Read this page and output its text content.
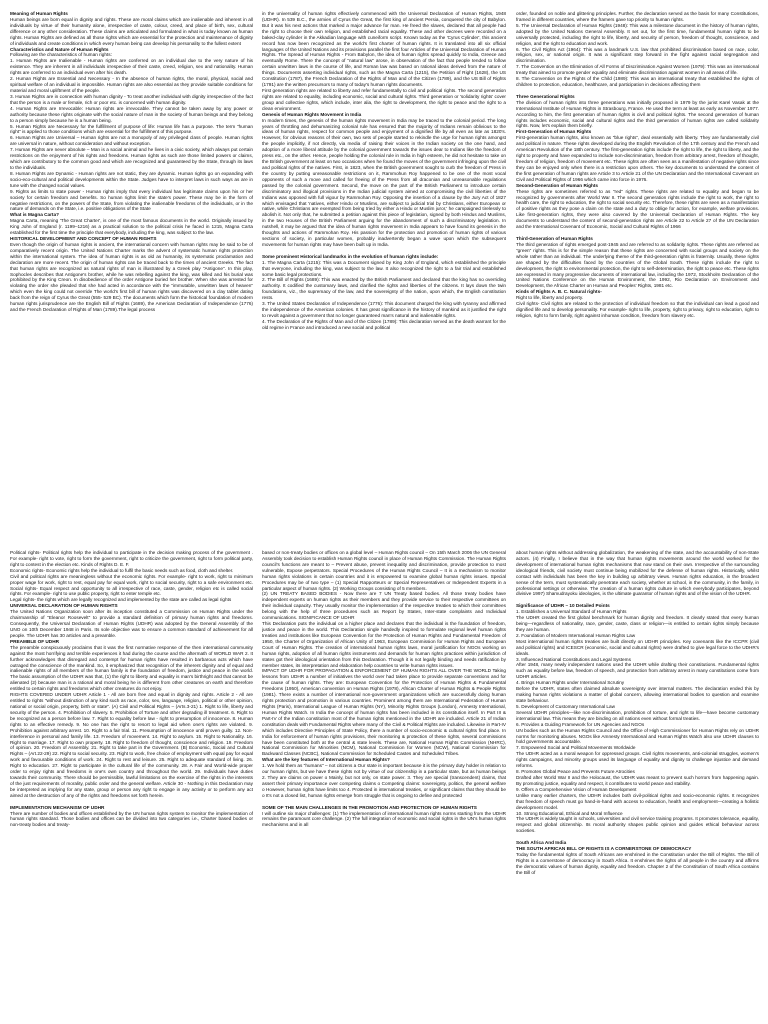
Meaning of Human Rights

Human beings are born equal in dignity and rights. These are moral claims which are inalienable and inherent in all individuals by virtue of their humanity alone, irrespective of caste, colour, creed, and place of birth, sex, cultural difference or any other consideration. These claims are articulated and formulated in what is today known as human rights. Human Rights are defined as all those rights which are essential for the protection and maintenance of dignity of individuals and create conditions in which every human being can develop his personality to the fullest extent

Characteristics and Nature of Human Rights

Following are the characteristics of human rights:

1. Human Rights are Inalienable - Human rights are conferred on an individual due to the very nature of his existence. They are inherent in all individuals irrespective of their caste, creed, religion, sex and nationality. Human rights are conferred to an individual even after his death.

2. Human Rights are Essential and Necessary - In the absence of human rights, the moral, physical, social and spiritual welfare of an individual is impossible. Human rights are also essential as they provide suitable conditions for material and moral upliftment of the people.

3. Human Rights are in connection with human dignity - To treat another individual with dignity irrespective of the fact that the person is a male or female, rich or poor etc. is concerned with human dignity.

4. Human Rights are Irrevocable: Human rights are irrevocable. They cannot be taken away by any power or authority because these rights originate with the social nature of man in the society of human beings and they belong to a person simply because he is a human being.

5. Human Rights are Necessary for the fulfillment of purpose of life: Human life has a purpose. The term "human right" is applied to those conditions which are essential for the fulfillment of this purpose.

6. Human Rights are Universal – Human rights are not a monopoly of any privileged class of people. Human rights are universal in nature, without consideration and without exception.

7. Human Rights are never absolute – Man is a social animal and he lives in a civic society, which always put certain restrictions on the enjoyment of his rights and freedoms. Human rights as such are those limited powers or claims, which are contributory to the common good and which are recognized and guaranteed by the State, through its laws to the individuals.

8. Human Rights are Dynamic - Human rights are not static, they are dynamic. Human rights go on expanding with socio-eco-cultural and political developments within the State. Judges have to interpret laws in such ways as are in tune with the changed social values.

9. Rights as limits to state power - Human rights imply that every individual has legitimate claims upon his or her society for certain freedom and benefits. So human rights limit the state's power. These may be in the form of negative restrictions, on the powers of the State, from violating the inalienable freedoms of the individuals, or in the nature of demands on the State, i.e. positive obligations of the State

What is Magna Carta?

Magna Carta, meaning 'The Great Charter', is one of the most famous documents in the world. Originally issued by King John of England (r. 1199–1216) as a practical solution to the political crisis he faced in 1215, Magna Carta established for the first time the principle that everybody, including the king, was subject to the law.

HISTORICAL DEVELOPMENT AND CONCEPT OF HUMAN RIGHTS

Even though the origin of human rights is ancient, the international concern with human rights may be said to be of comparatively recent origin. The United Nations Charter marks the advent of systematic human rights protection within the international system. The idea of human rights is as old as humanity, its systematic proclamation and declaration are more recent. The origin of human rights can be traced back to the times of ancient Greeks. The fact that human rights are recognized as natural rights of man is illustrated by a Greek play "Antigone". In this play, Sophocles describes that Antigone's brother, while he was rebelling against the king, was killed and his burial was prohibited by the King Creon. In disobedience of the order Antigone buried her brother. When she was arrested for violating the order she pleaded that she had acted in accordance with the "immutable, unwritten laws of heaven" which even the king could not override The world's first bill of human rights was discovered on a clay tablet dating back from the reign of Cyrus the Great (555- 529 BC). The documents which form the historical foundation of modern human rights jurisprudence are the English Bill of Rights (1689), the American Declaration of Independence (1776) and the French Declaration of Rights of Man (1789).The legal process

in the universality of human rights effectively commenced with the Universal Declaration of Human Rights, 1948 (UDHR). In 539 B.C., the armies of Cyrus the Great, the first king of ancient Persia, conquered the city of Babylon. But it was his next actions that marked a major advance for man. He freed the slaves, declared that all people had the right to choose their own religion, and established racial equality. These and other decrees were recorded on a baked-clay cylinder in the Akkadian language with cuneiform script. Known today as the 'Cyrus Cylinder', this ancient record has now been recognized as the world's first charter of human rights. It is translated into all six official languages of the United Nations and its provisions parallel the first four Articles of the Universal Declaration of Human Rights. The Spread of Human Rights - From Babylon, the idea of human rights spread quickly to India, Greece and eventually Rome. There the concept of "natural law" arose, in observation of the fact that people tended to follow certain unwritten laws in the course of life, and Roman law was based on rational ideas derived from the nature of things. Documents asserting individual rights, such as the Magna Carta (1215), the Petition of Right (1628), the US Constitution (1787), the French Declaration of the Rights of Man and of the Citizen (1789), and the US Bill of Rights (1791) are the written precursors to many of today's human rights documents.

First generation rights are related to liberty and refer fundamentally to civil and political rights. The second generation rights are related to equality, including economic, social and cultural rights. Third generation or 'solidarity rights' cover group and collective rights, which include, inter alia, the right to development, the right to peace and the right to a clean environment.

Genesis of Human Rights Movement in India

In modern times, the genesis of the human rights movement in India may be traced to the colonial period. The long years of throttling and dehumanizing colonial rule has ensured that the majority of Indians remain oblivious to the ideas of human rights, respect for common people and enjoyment of a dignified life by all even as late as 1820's. However, for obvious reasons of their own, two sets of people started to rekindle the urge for human rights amongst the people implicitly, if not directly, via media of raising their voices in the Indian society on the one hand, and adoption of a more liberal attitude by the colonial government towards the issues dear to Indians like the freedom of press etc., on the other. Hence, people holding the colonial rule in India in high esteem, he did not hesitate to take on the British government at least on two occasions when he found the moves of the government infringing upon the civil and political rights of the natives. First, in 1823, when the British government sought to curb the freedom of Press in the country by putting unreasonable restrictions on it, Rammohun Roy happened to be one of the most vocal opponents of such a move and called for freeing of the Press from all draconian and unreasonable regulations passed by the colonial government. Second, the move on the part of the British Parliament to introduce certain discriminatory and illogical provisions in the Indian judicial system aimed at compromising the civil liberties of the Indians was opposed with full vigour by Rammohan Roy. Opposing the insertion of a clause by the Jury Act of 1827 which envisaged that 'natives, either Hindu or Muslims, are subject to judicial trial by Christians, either European or native, while Christians are exempted from being tried by either a Hindu or Muslim juror,' he campaigned tirelessly to abolish it. Not only that, he submitted a petition against this piece of legislation, signed by both Hindus and Muslims, in the two Houses of the British Parliament arguing for the abandonment of such a discriminatory legislation. In nutshell, it may be argued that the idea of human rights movement in India appears to have found its genesis in the thoughts and actions of Rammohan Roy. His passion for the protection and promotion of human rights of various sections of society, in particular women, probably inadvertently began a wave upon which the subsequent movements for human rights may have been built up in India.

Some prominent Historical landmarks in the evolution of human rights include:

1. The Magna Carta (1215): This was a Document signed by King John of England, which established the principle that everyone, including the king, was subject to the law. It also recognized the right to a fair trial and established some basic legal protections.

2. The Bill of Rights (1689): This was enacted by the British Parliament and declared that the king has no overriding authority. It codified the customary laws, and clarified the rights and liberties of the citizens. It lays down the twin foundations, viz., the supremacy of the law, and the sovereignty of the nation, upon which, the English constitution rests.

3. The United States Declaration of Independence (1776): This document charged the king with tyranny and affirmed the independence of the American colonies. It has great significance in the history of mankind as it justified the right to revolt against a government that no longer guaranteed man's natural and inalienable rights.

4. The Declaration of the Rights of Man and of the Citizen (1789): This declaration served as the death warrant for the old regime in France and introduced a new social and political

order, founded on noble and glittering principles. Further, the declaration served as the basis for many Constitutions, framed in different countries, where the framers gave top priority to human rights.

5. The Universal Declaration of Human Rights (1948): This was a milestone document in the history of human rights, adopted by the United Nations General Assembly. It set out, for the first time, fundamental human rights to be universally protected, including the right to life, liberty, and security of person, freedom of thought, conscience, and religion, and the right to education and work.

6. The Civil Rights Act (1964): This was a landmark U.S. law that prohibited discrimination based on race, color, religion, sex, or national origin. It was a significant step forward in the fight against racial segregation and discrimination.

7. The Convention on the Elimination of All Forms of Discrimination Against Women (1979): This was an international treaty that aimed to promote gender equality and eliminate discrimination against women in all areas of life.

8. The Convention on the Rights of the Child (1989): This was an international treaty that established the rights of children to protection, education, healthcare, and participation in decisions affecting them

Three Generational Rights

The division of human rights into three generations was initially proposed in 1979 by the jurist Karel Vasak at the International Institute of Human Rights in Strasbourg, France. He used the term at least as early as November 1977. According to him, the first generation of human rights is civil and political rights. The second generation of human rights includes economic, social and cultural rights and the third generation of human rights are called solidarity rights. Now, let's explain them briefly.

First-Generation of Human Rights

First-generation human rights, also known as "blue rights", deal essentially with liberty. They are fundamentally civil and political in nature. These rights developed during the English Revolution of the 17th century and the French and American Revolution of the 18th century. The first-generation rights include the right to life, the right to liberty, and the right to property and have expanded to include non-discrimination, freedom from arbitrary arrest, freedom of thought, freedom of religion, freedom of movement etc. These rights are often seen as a manifestation of negative rights since they can be enjoyed only when there is a restriction upon others. The key documents to understand the content of the first generation of human rights are Article 3 to Article 21 of the UN Declaration and the International Covenant on Civil and Political Rights of 1966 which came into force in 1976.

Second-Generation of Human Rights

These rights are sometimes referred to as "red" rights. These rights are related to equality and began to be recognized by governments after World War II. The second generation rights include the right to work, the right to health care, the right to education, the right to social security etc. Therefore, these rights are seen as a manifestation of positive rights as they pose a claim on the state and a duty to oblige for action, for example, welfare provisions. Like first-generation rights, they were also covered by the Universal Declaration of Human Rights. The key documents to understand the content of second-generation rights are Article 22 to Article 27 of the UN Declaration and the International Covenant of Economic, Social and Cultural Rights of 1966

Third-Generation of Human Rights

The third generation of rights emerged post-1945 and are referred to as solidarity rights. These rights are referred as "green" rights. This is for the simple reason that these rights are concerned with social groups and society on the whole rather than an individual. The underlying theme of the third-generation rights is fraternity. Usually, these rights are shaped by the difficulties faced by the countries of the Global South. These rights include the right to development, the right to environmental protection, the right to self-determination, the right to peace etc. These rights are expressed in many progressive documents of international law, including the 1972, Stockholm Declaration of the United Nations Conference on the Human Environment, the 1992, Rio Declaration on Environment and Development, the African Charter on Human and Peoples' Rights, 1981 etc.

Kinds of Rights A. B. C. Natural rights-

Right to life, liberty and property.

Civil rights- Civil rights are related to the protection of individual freedom so that the individual can lead a good and dignified life and to develop personality. For example- right to life, property, right to privacy, right to education, right to religion, right to form family, right against inhuman condition, freedom from slavery etc.

Political rights- Political rights help the individual to participate in the decision making process of the government . For example- right to vote, right to form the government, right to criticize the government, right to form political party, right to contest in the election etc. Kinds of Rights D. E. F.

Economic rights- Economic rights help the individual to fulfil the basic needs such as food, cloth and shelter.

Civil and political rights are meaningless without the economic rights. For example- right to work, right to minimum proper wage for work, right to rest, equal pay for equal work, right to social security, right to a safe environment etc. Social rights- Equal respect and opportunity to all irrespective of race, caste, gender, religion etc is called social rights. For example- right to use public property, right to enter temple etc.

Legal rights- the rights which are legally recognized and implemented by the state are called as legal rights

UNIVERSAL DECLARATION OF HUMAN RIGHTS

The United Nations Organization soon after its inception constituted a Commission on Human Rights under the chairmanship of "Eleanor Roosevelt" to provide a standard definition of primary human rights and freedoms. Consequently, the Universal Declaration of Human Rights (UDHR) was adopted by the General Assembly of the UNO on 10th December 1948 in Paris. Its sole objective was to ensure a common standard of achievement for all people. The UDHR has 30 articles and a preamble.

PREAMBLE OF UDHR

The preamble conspicuously proclaims that it was the first normative response of the then international community against the most horrifying and terrible experiences it had during the course and the aftermath of WORLD WAR 2. It further acknowledges that disregard and contempt for human rights have resulted in barbarous acts which have outraged the conscience of the mankind. So, it emphasized that recognition of the inherent dignity and of equal and inalienable rights of all members of the human family is the foundation of freedom, justice and peace in the world. The basic assumption of the UDHR was that, (1) the right to liberty and equality is man's birthright and that cannot be alienated (2) because man is a rational and moral being he is different from other creatures on earth and therefore entitled to certain rights and freedoms which other creatures do not enjoy.

RIGHTS COVERED UNDER UDHR Article 1 - All are born free and equal in dignity and rights. Article 2 - All are entitled to rights "without distinction of any kind such as race, color, sex, language, religion, political or other opinion, national or social origin, property, birth or state". (A) Civil and Political Rights – (Arts.3-21) 1. Right to life, liberty and security of the person. 4. Prohibition of slavery. 5. Prohibition of Torture and other degrading ill treatment. 6. Right to be recognized as a person before law. 7. Right to equality before law - right to presumption of innocence. 8. Human rights to an effective remedy. 9. No one has the right to resort to legal aid when one's rights are violated. 9. Prohibition against arbitrary arrest. 10. Right to a fair trial. 11. Presumption of innocence until proven guilty. 12. Non-interference in personal and family life. 13. Freedom of movement. 14. Right to asylum. 15. Right to Nationality. 16. Right to marriage. 17. Right to own property. 18. Right to freedom of thought, conscience and religion. 19. Freedom of opinion. 20. Freedom of Assembly. 21. Right to take part in the Government. (B) Economic, Social and Cultural Rights – (Art.22-29) 22. Right to social security. 23. Right to work, free choice of employment with equal pay for equal work and favourable conditions of work. 24. Right to rest and leisure. 25. Right to adequate standard of living. 26. Right to education. 27. Right to participate in the cultural life of the community. 28. A Fair and World-wide proper order to enjoy rights and freedoms in one's own country and throughout the world. 29. Individuals have duties towards their community. There should be permissible, lawful limitations on the exercise of the rights in the interests of the just requirements of morality, public order and the general welfare. Article 30 - Nothing in this Declaration may be interpreted as implying for any state, group or person any right to engage in any activity or to perform any act aimed at the destruction of any of the rights and freedoms set forth herein.

IMPLEMENTATION MECHANISM OF UDHR

There are number of bodies and offices established by the UN human rights system to monitor the implementation of human rights standard. Those bodies and offices can be divided into two categories i.e., Charter based bodies or non-treaty bodies and treaty-

based or non-treaty bodies or offices on a global level – Human Rights council – On 15th March 2006 the UN General Assembly took decision to establish Human Rights council in place of Human Rights Commission. The Human Rights council's functions are meant to – Prevent abuse, prevent inequality and discrimination, provide protection to most vulnerable, Expose perpetrators. Special Procedures of the Human Rights Council – It is a mechanism to monitor human rights violations in certain countries and it is empowered to examine global human rights issues. Special Procedures may be of two type – (1) Special Rapporteurs or Special Representatives or Independent Experts in a particular aspect of human rights. (2) Working Groups consisting of 5 members.

(2) UN TREATY BASED BODIES - Now there are 7 UN Treaty based bodies. All those treaty bodies have independent experts on human rights as their members and they provide service to their respective committees on their individual capacity. They usually monitor the implementation of the respective treaties to which their committees belong with the help of three procedures such as Report by States, Inter-state complaints and Individual communications. SIGNIFICANCE OF UDHR

This Declaration puts the individual on a higher place and declares that the individual is the foundation of freedom, justice and peace in the world. This Declaration single handedly inspired to formulate regional level human rights treaties and institutions like European Convention for the Protection of Human Rights and Fundamental Freedom of 1950, the Charter of Organization of African Unity of 1963, European Commission for Human Rights and European Court of Human Rights. The creation of international human rights laws, moral justification for NGOs working on human rights, adoption of all human rights instruments and demands for human rights practices within jurisdiction of states got their ideological orientation from this Declaration. Though it is not legally binding and needs ratification by member states, its interpretation and elaboration help countries to write human rights issues.

IMPACT OF UDHR FOR PROPAGATION & ENFORCEMENT OF HUMAN RIGHTS ALL OVER THE WORLD Taking lessons from UDHR a number of initiatives the world over had taken place to provide separate conventions and for the cause of human rights. They are: European Convention for the Protection of Human Rights & Fundamental Freedoms (1950), American convention on Human Rights (1978), African Charter of Human Rights & People Rights (1981). There exists a number of international non-government organizations which are successfully doing human rights protection and promotion in various countries. Prominent among them are International Federation of Human Rights (Paris), International League of Human Rights (NY), Minority Rights Groups (London), Amnesty International, Human Rights Watch. In India the concept of human rights has been included in its constitution itself. In Part III & Part-IV of the Indian constitution most of the human rights mentioned in the UDHR are included. Article 21 of Indian constitution deals with Fundamental Rights where many of the Civil & Political Rights are included. Likewise in Part-IV which includes Directive Principles of State Policy, there a number of socio-economic & cultural rights find place. In India for enforcement of human rights provisions, their monitoring & protection of these rights, several commissions have been constituted both at the central & state levels. These are, National Human Rights Commission (NHRC), National Commission for Minorities (NCM), National Commission for Women (NCW), National Commission for Backward Classes (NCBC), National Commission for Scheduled Castes and Scheduled Tribes.

What are the key features of International Human Rights?

1. We hold them as "humans" – not citizens a Our state is important because it is the primary duty holder in relation to our human rights, but we have these rights not by virtue of our citizenship in a particular state, but as human beings 2. They are claims on power o Mainly, but not only, on state power. 3. They are special (transcendent) claims, that assert their primary importance over competing claims o Competing claims: sovereignty, politics, the general welfare o However, human rights have limits too 4. Protected in international treaties, or significant claims that they should be o It's not a closed list, human rights emerge from struggle that is ongoing to define and protected

SOME OF THE MAIN CHALLENGES IN THE PROMOTION AND PROTECTION OF HUMAN RIGHTS

I will outline six major challenges: (1) The implementation of international human rights norms starting from the UDHR remains the paramount core challenge. (2) The full integration of economic and social rights in the UN's human rights mechanisms and in all

about human rights without addressing globalization, the weakening of the state, and the accountability of non-State actors. (4) Finally, I believe that in the way that human rights movements around the world worked for the development of international human rights mechanisms that now stand on their own. Irrespective of the surrounding ideological friends, civil society must continue being mobilized for the defense of human rights. Historically, whilst contact with individuals has been the key in building up arbitrary views. Human rights education, in the broadest sense of the term, must systematically penetrate each society, whether at school, in the community, in the family, in professional settings or otherwise. The creation of a human rights culture in which everybody participates, beyond divisive 1997) Shamudrayoku ideologies, is the ultimate guarantor of human rights and of the vision of the UDHR.

Significance of UDHR – 10 Detailed Points

1. Establishes a Universal Standard of Human Rights

The UDHR created the first global benchmark for human dignity and freedom. It clearly stated that every human being—regardless of nationality, race, gender, caste, class or religion—is entitled to certain rights simply because they are human.

2. Foundation of Modern International Human Rights Law

Most international human rights treaties are built directly on UDHR principles. Key covenants like the ICCPR (civil and political rights) and ICESCR (economic, social and cultural rights) were drafted to give legal force to the UDHR's ideals.

3. Influenced National Constitutions and Legal Systems

After 1948, many newly independent nations used the UDHR while drafting their constitutions. Fundamental rights such as equality before law, freedom of speech, and protection from arbitrary arrest in many constitutions come from UDHR articles.

4. Brings Human Rights under International Scrutiny

Before the UDHR, states often claimed absolute sovereignty over internal matters. The declaration ended this by making human rights violations a matter of global concern, allowing international bodies to question and examine state behaviour.

5. Development of Customary International Law

Several UDHR principles—like non-discrimination, prohibition of torture, and right to life—have become customary international law. This means they are binding on all nations even without formal treaties.

6. Provides a Guiding Framework for UN Agencies and NGOs

UN bodies such as the Human Rights Council and the Office of High Commissioner for Human Rights rely on UDHR norms for monitoring abuses. NGOs like Amnesty International and Human Rights Watch also use UDHR clauses to hold governments accountable.

7. Empowered Social and Political Movements Worldwide

The UDHR acted as a moral weapon for oppressed groups. Civil rights movements, anti-colonial struggles, women's rights campaigns, and minority groups used its language of equality and dignity to challenge injustice and demand reforms.

8. Promotes Global Peace and Prevents Future Atrocities

Drafted after World War II and the Holocaust, the UDHR was meant to prevent such horrors from happening again. By promoting justice, equality and respect, it contributes to world peace and stability.

9. Offers a Comprehensive Vision of Human Development

Unlike many earlier charters, the UDHR includes both civil-political rights and socio-economic rights. It recognizes that freedom of speech must go hand-in-hand with access to education, health and employment—creating a holistic development model.

10. Strong Educational, Ethical and Moral Influence

The UDHR is widely taught in schools, universities and civil service training programs. It promotes tolerance, equality, respect and global citizenship. Its moral authority shapes public opinion and guides ethical behaviour across societies.

South Africa And India

THE SOUTH AFRICAN BILL OF RIGHTS IS A CORNERSTONE OF DEMOCRACY

Today the fundamental rights of South Africans are enshrined in the Constitution under the Bill of Rights. The Bill of Rights is a cornerstone of democracy in South Africa. It enshrines the rights of all people in the country and affirms the democratic values of human dignity, equality and freedom. Chapter 2 of the Constitution of South Africa contains the Bill of
